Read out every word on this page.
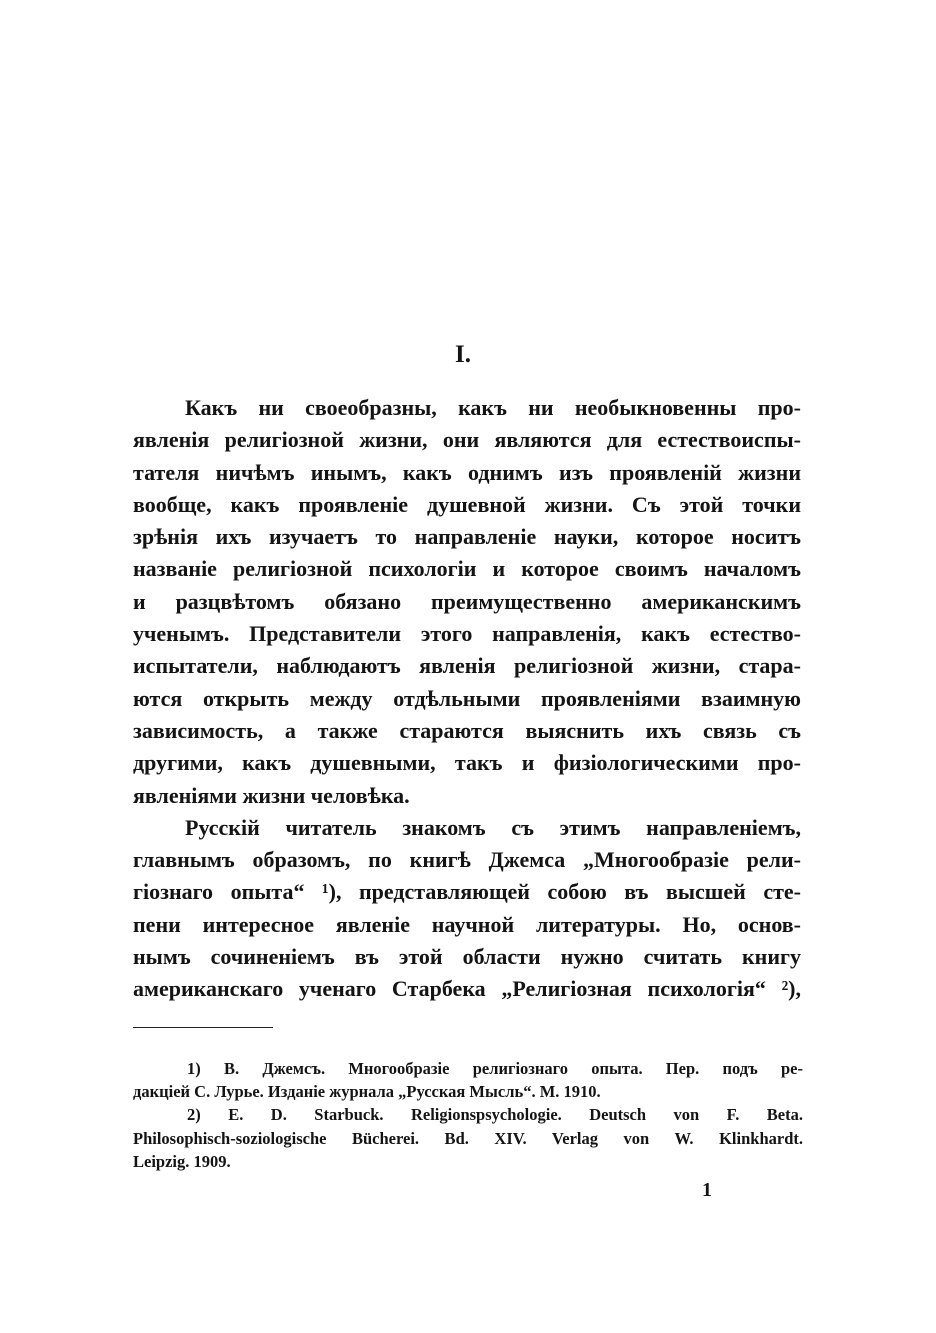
I.
Какъ ни своеобразны, какъ ни необыкновенны про-
явленія религіозной жизни, они являются для естествоиспы-
тателя ничѣмъ инымъ, какъ однимъ изъ проявленій жизни
вообще, какъ проявленіе душевной жизни. Съ этой точки
зрѣнія ихъ изучаетъ то направленіе науки, которое носитъ
названіе религіозной психологіи и которое своимъ началомъ
и разцвѣтомъ обязано преимущественно американскимъ
ученымъ. Представители этого направленія, какъ естество-
испытатели, наблюдаютъ явленія религіозной жизни, стара-
ются открыть между отдѣльными проявленіями взаимную
зависимость, а также стараются выяснить ихъ связь съ
другими, какъ душевными, такъ и физіологическими про-
явленіями жизни человѣка.
Русскій читатель знакомъ съ этимъ направленіемъ,
главнымъ образомъ, по книгѣ Джемса „Многообразіе рели-
гіознаго опыта“ ¹), представляющей собою въ высшей сте-
пени интересное явленіе научной литературы. Но, основ-
нымъ сочиненіемъ въ этой области нужно считать книгу
американскаго ученаго Старбека „Религіозная психологія“ ²),
1) В. Джемсъ. Многообразіе религіознаго опыта. Пер. подъ ре-
дакціей С. Лурье. Изданіе журнала „Русская Мысль“. М. 1910.
2) E. D. Starbuck. Religionspsychologie. Deutsch von F. Beta.
Philosophisch-soziologische Bücherei. Bd. XIV. Verlag von W. Klinkhardt.
Leipzig. 1909.
1
